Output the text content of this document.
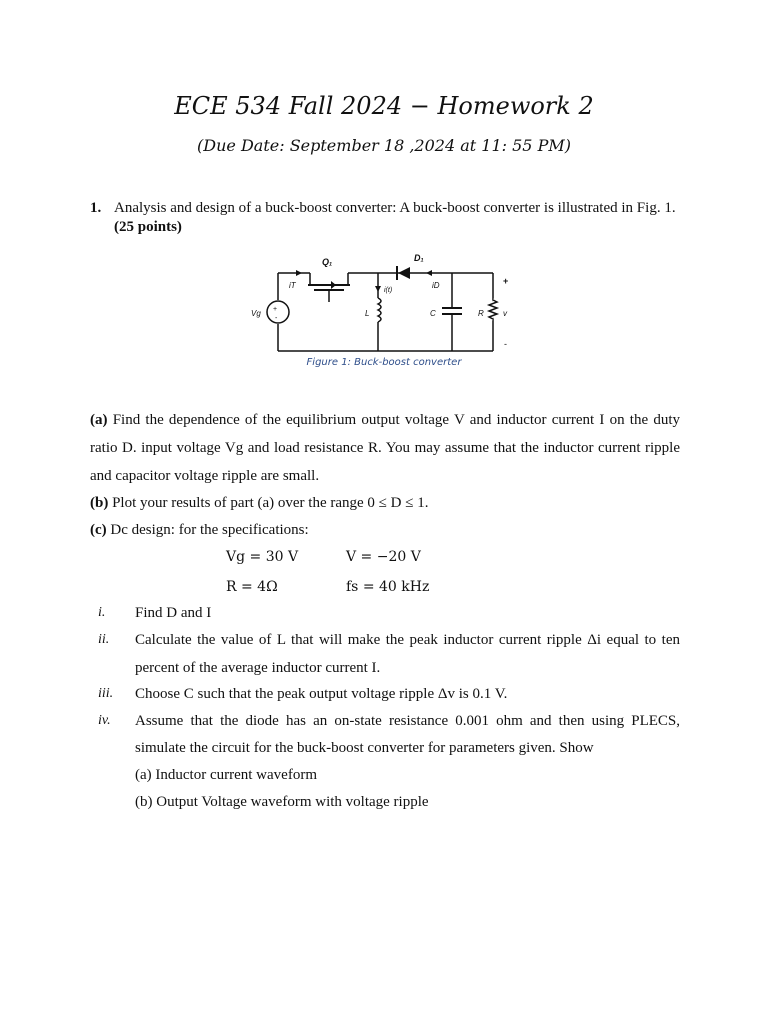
ECE 534 Fall 2024 − Homework 2
(Due Date: September 18 ,2024 at 11: 55 PM)
1. Analysis and design of a buck-boost converter: A buck-boost converter is illustrated in Fig. 1.
(25 points)
+
-
Q₁	D₁
iT
i(t)
iD
Vg	L	C	R v
+
-
Figure 1: Buck-boost converter
(a) Find the dependence of the equilibrium output voltage V and inductor current I on the duty
ratio D. input voltage Vg and load resistance R. You may assume that the inductor current ripple
and capacitor voltage ripple are small.
(b) Plot your results of part (a) over the range 0 ≤ D ≤ 1.
(c) Dc design: for the specifications:
Vg = 30 V	V = −20 V
R = 4Ω	fs = 40 kHz
i. Find D and I
ii. Calculate the value of L that will make the peak inductor current ripple Δi equal to ten
percent of the average inductor current I.
iii. Choose C such that the peak output voltage ripple Δv is 0.1 V.
iv. Assume that the diode has an on-state resistance 0.001 ohm and then using PLECS,
simulate the circuit for the buck-boost converter for parameters given. Show
(a) Inductor current waveform
(b) Output Voltage waveform with voltage ripple
